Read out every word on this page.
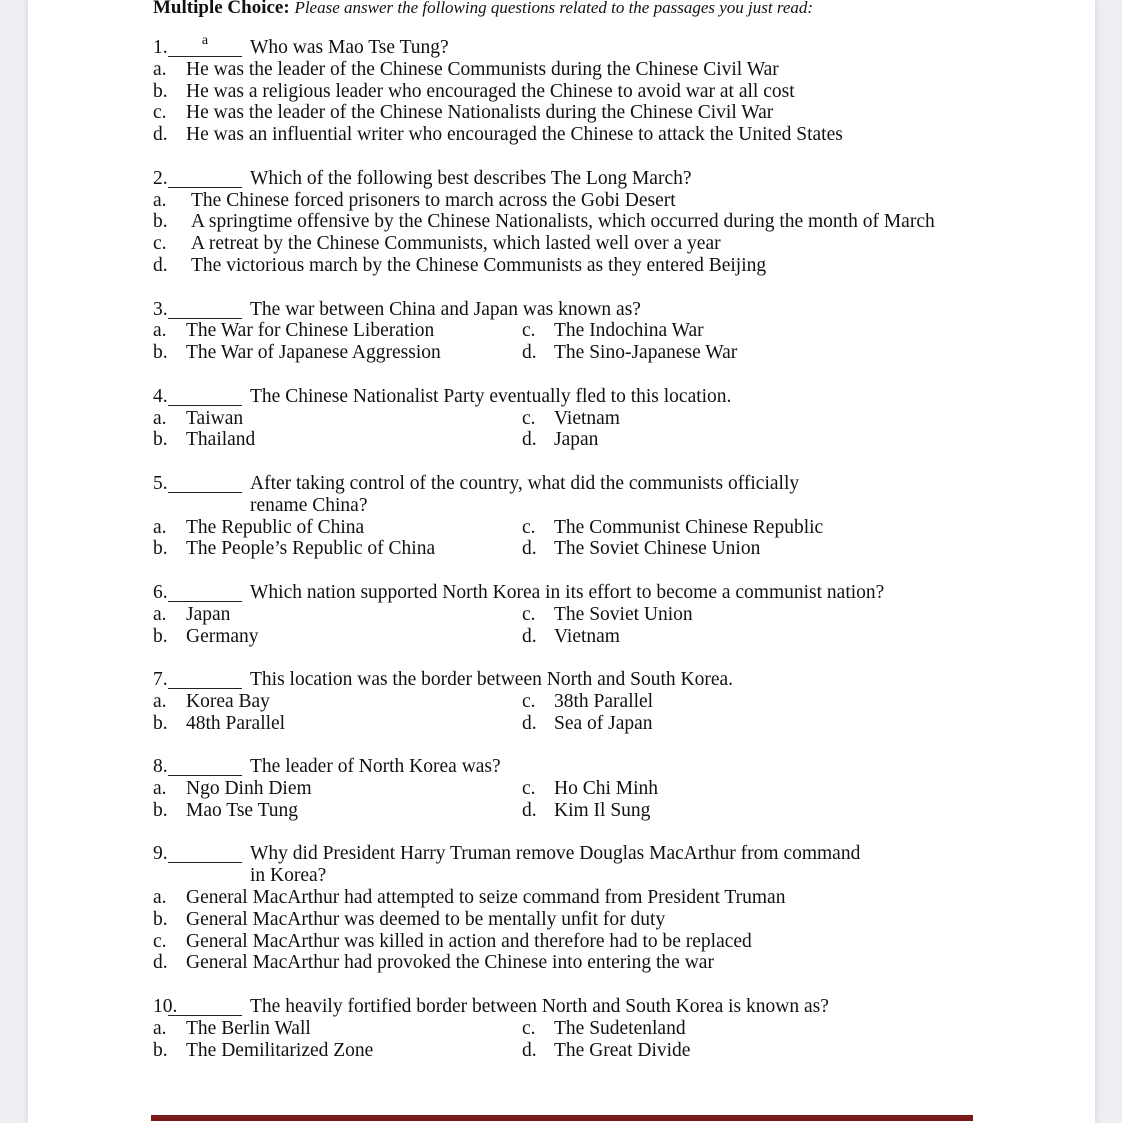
Multiple Choice: Please answer the following questions related to the passages you just read:
1.	$^a$	Who was Mao Tse Tung?
a. He was the leader of the Chinese Communists during the Chinese Civil War
b. He was a religious leader who encouraged the Chinese to avoid war at all cost
c. He was the leader of the Chinese Nationalists during the Chinese Civil War
d. He was an influential writer who encouraged the Chinese to attack the United States
2.	Which of the following best describes The Long March?
a. The Chinese forced prisoners to march across the Gobi Desert
b. A springtime offensive by the Chinese Nationalists, which occurred during the month of March
c. A retreat by the Chinese Communists, which lasted well over a year
d. The victorious march by the Chinese Communists as they entered Beijing
3.	The war between China and Japan was known as?
a. The War for Chinese Liberation	c. The Indochina War
b. The War of Japanese Aggression	d. The Sino-Japanese War
4.	The Chinese Nationalist Party eventually fled to this location.
a. Taiwan	c. Vietnam
b. Thailand	d. Japan
5.	After taking control of the country, what did the communists officially
rename China?
a. The Republic of China	c. The Communist Chinese Republic
b. The People’s Republic of China	d. The Soviet Chinese Union
6.	Which nation supported North Korea in its effort to become a communist nation?
a. Japan	c. The Soviet Union
b. Germany	d. Vietnam
7.	This location was the border between North and South Korea.
a. Korea Bay	c. 38th Parallel
b. 48th Parallel	d. Sea of Japan
8.	The leader of North Korea was?
a. Ngo Dinh Diem	c. Ho Chi Minh
b. Mao Tse Tung	d. Kim Il Sung
9.	Why did President Harry Truman remove Douglas MacArthur from command
in Korea?
a. General MacArthur had attempted to seize command from President Truman
b. General MacArthur was deemed to be mentally unfit for duty
c. General MacArthur was killed in action and therefore had to be replaced
d. General MacArthur had provoked the Chinese into entering the war
10.	The heavily fortified border between North and South Korea is known as?
a. The Berlin Wall	c. The Sudetenland
b. The Demilitarized Zone	d. The Great Divide
